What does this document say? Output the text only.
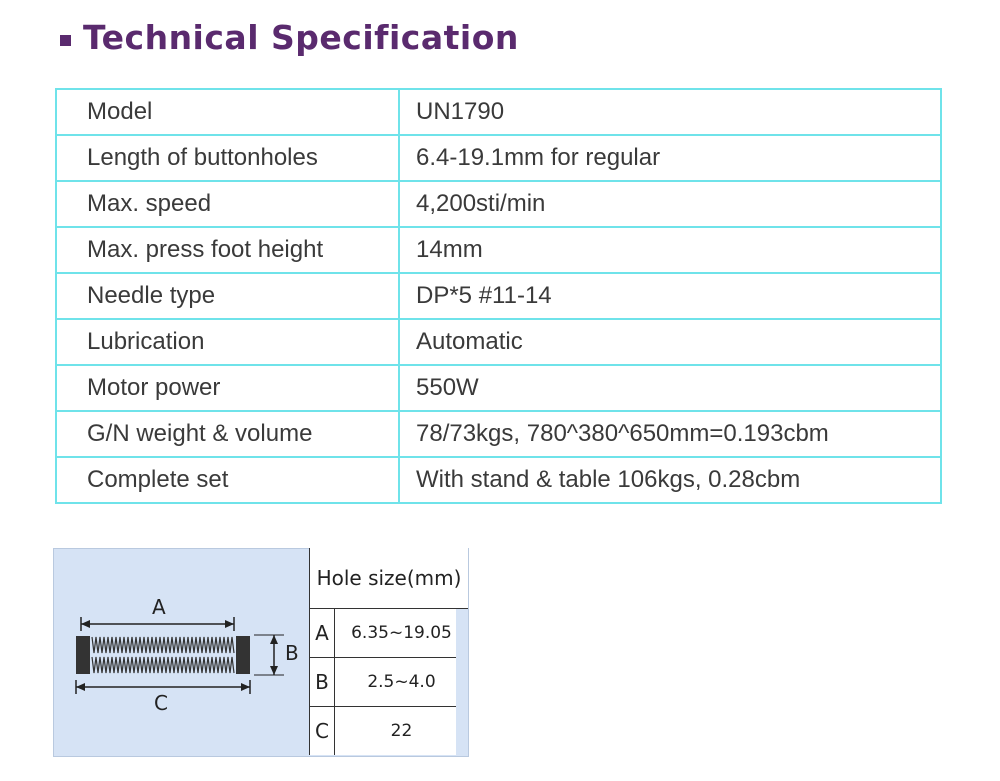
Technical Specification
Model	UN1790
Length of buttonholes	6.4-19.1mm for regular
Max. speed	4,200sti/min
Max. press foot height	14mm
Needle type	DP*5 #11-14
Lubrication	Automatic
Motor power	550W
G/N weight & volume	78/73kgs, 780^380^650mm=0.193cbm
Complete set	With stand & table 106kgs, 0.28cbm
A
B
C
Hole size(mm)
A	6.35~19.05
B	2.5~4.0
C	22
